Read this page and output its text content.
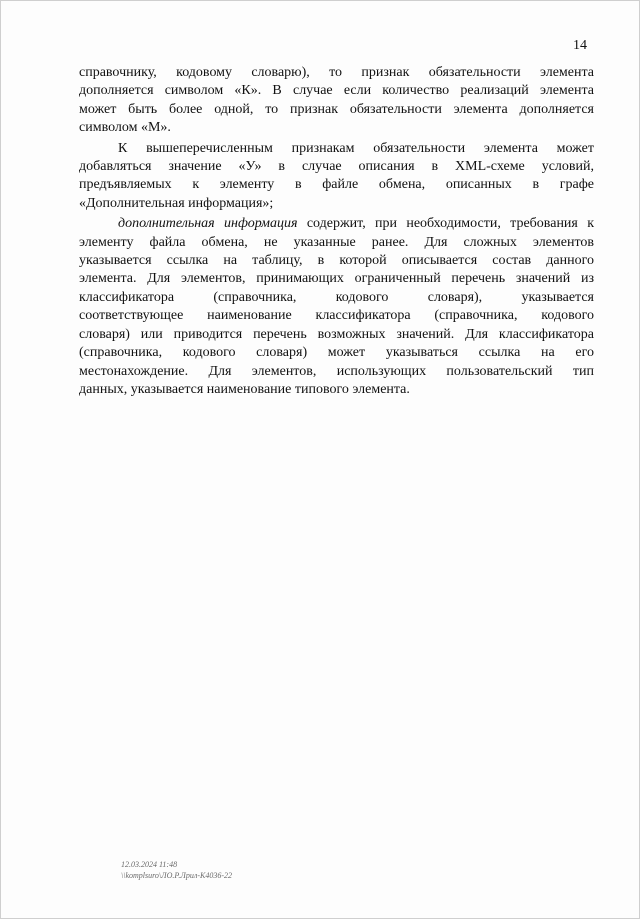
14
справочнику, кодовому словарю), то признак обязательности элемента
дополняется символом «К». В случае если количество реализаций элемента
может быть более одной, то признак обязательности элемента дополняется
символом «М».
К вышеперечисленным признакам обязательности элемента может
добавляться значение «У» в случае описания в XML-схеме условий,
предъявляемых к элементу в файле обмена, описанных в графе
«Дополнительная информация»;
дополнительная информация содержит, при необходимости, требования к
элементу файла обмена, не указанные ранее. Для сложных элементов
указывается ссылка на таблицу, в которой описывается состав данного
элемента. Для элементов, принимающих ограниченный перечень значений из
классификатора (справочника, кодового словаря), указывается
соответствующее наименование классификатора (справочника, кодового
словаря) или приводится перечень возможных значений. Для классификатора
(справочника, кодового словаря) может указываться ссылка на его
местонахождение. Для элементов, использующих пользовательский тип
данных, указывается наименование типового элемента.
12.03.2024 11:48
\\komplsuro\ЛО.Р.Лрил-К4036-22
